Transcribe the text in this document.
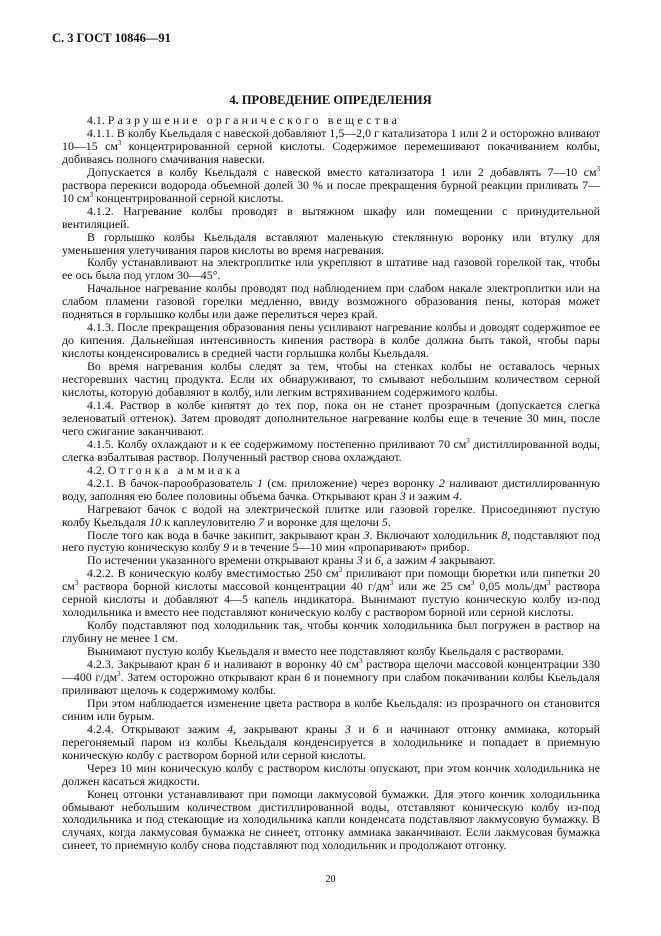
С. 3 ГОСТ 10846—91
4. ПРОВЕДЕНИЕ ОПРЕДЕЛЕНИЯ

4.1. Разрушение органического вещества

4.1.1. В колбу Кьельдаля с навеской добавляют 1,5—2,0 г катализатора 1 или 2 и осторожно вливают 10—15 $см^3$ концентрированной серной кислоты. Содержимое перемешивают покачиванием колбы, добиваясь полного смачивания навески.

Допускается в колбу Кьельдаля с навеской вместо катализатора 1 или 2 добавлять 7—10 $см^3$ раствора перекиси водорода объемной долей 30 % и после прекращения бурной реакции приливать 7—10 $см^3$ концентрированной серной кислоты.

4.1.2. Нагревание колбы проводят в вытяжном шкафу или помещении с принудительной вентиляцией.

В горлышко колбы Кьельдаля вставляют маленькую стеклянную воронку или втулку для уменьшения улетучивания паров кислоты во время нагревания.

Колбу устанавливают на электроплитке или укрепляют в штативе над газовой горелкой так, чтобы ее ось была под углом 30—45°.

Начальное нагревание колбы проводят под наблюдением при слабом накале электроплитки или на слабом пламени газовой горелки медленно, ввиду возможного образования пены, которая может подняться в горлышко колбы или даже перелиться через край.

4.1.3. После прекращения образования пены усиливают нагревание колбы и доводят содержиmое ее до кипения. Дальнейшая интенсивность кипения раствора в колбе должна быть такой, чтобы пары кислоты конденсировались в средней части горлышка колбы Кьельдаля.

Во время нагревания колбы следят за тем, чтобы на стенках колбы не оставалось черных несгоревших частиц продукта. Если их обнаруживают, то смывают небольшим количеством серной кислоты, которую добавляют в колбу, или легким встряхиванием содержимого колбы.

4.1.4. Раствор в колбе кипятят до тех пор, пока он не станет прозрачным (допускается слегка зеленоватый оттенок). Затем проводят дополнительное нагревание колбы еще в течение 30 мин, после чего сжигание заканчивают.

4.1.5. Колбу охлаждают и к ее содержимому постепенно приливают 70 $см^3$ дистиллированной воды, слегка взбалтывая раствор. Полученный раствор снова охлаждают.

4.2. Отгонка аммиака

4.2.1. В бачок-парообразователь 1 (см. приложение) через воронку 2 наливают дистиллированную воду, заполняя ею более половины объема бачка. Открывают кран 3 и зажим 4.

Нагревают бачок с водой на электрической плитке или газовой горелке. Присоединяют пустую колбу Кьельдаля 10 к каплеуловителю 7 и воронке для щелочи 5.

После того как вода в бачке закипит, закрывают кран 3. Включают холодильник 8, подставляют под него пустую коническую колбу 9 и в течение 5—10 мин «пропаривают» прибор.

По истечении указанного времени открывают краны 3 и 6, а зажим 4 закрывают.

4.2.2. В коническую колбу вместимостью 250 $см^3$ приливают при помощи бюретки или пипетки 20 $см^3$ раствора борной кислоты массовой концентрации 40 $г/дм^3$ или же 25 $см^3$ 0,05 моль/$дм^3$ раствора серной кислоты и добавляют 4—5 капель индикатора. Вынимают пустую коническую колбу из-под холодильника и вместо нее подставляют коническую колбу с раствором борной или серной кислоты.

Колбу подставляют под холодильник так, чтобы кончик холодильника был погружен в раствор на глубину не менее 1 см.

Вынимают пустую колбу Кьельдаля и вместо нее подставляют колбу Кьельдаля с растворами.

4.2.3. Закрывают кран 6 и наливают в воронку 40 $см^3$ раствора щелочи массовой концентрации 330—400 $г/дм^3$. Затем осторожно открывают кран 6 и понемногу при слабом покачивании колбы Кьельдаля приливают щелочь к содержимому колбы.

При этом наблюдается изменение цвета раствора в колбе Кьельдаля: из прозрачного он становится синим или бурым.

4.2.4. Открывают зажим 4, закрывают краны 3 и 6 и начинают отгонку аммиака, который перегоняемый паром из колбы Кьельдаля конденсируется в холодильнике и попадает в приемную коническую колбу с раствором борной или серной кислоты.

Через 10 мин коническую колбу с раствором кислоты опускают, при этом кончик холодильника не должен касаться жидкости.

Конец отгонки устанавливают при помощи лакмусовой бумажки. Для этого кончик холодильника обмывают небольшим количеством дистиллированной воды, отставляют коническую колбу из-под холодильника и под стекающие из холодильника капли конденсата подставляют лакмусовую бумажку. В случаях, когда лакмусовая бумажка не синеет, отгонку аммиака заканчивают. Если лакмусовая бумажка синеет, то приемную колбу снова подставляют под холодильник и продолжают отгонку.

20
